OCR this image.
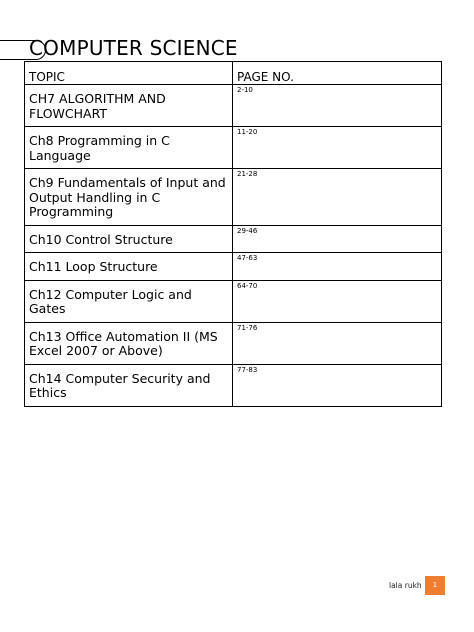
COMPUTER SCIENCE
TOPIC	PAGE NO.
CH7 ALGORITHM AND FLOWCHART	2-10
Ch8 Programming in C Language	11-20
Ch9 Fundamentals of Input and Output Handling in C Programming	21-28
Ch10 Control Structure	29-46
Ch11 Loop Structure	47-63
Ch12 Computer Logic and Gates	64-70
Ch13 Office Automation II (MS Excel 2007 or Above)	71-76
Ch14 Computer Security and Ethics	77-83
lala rukh	1
